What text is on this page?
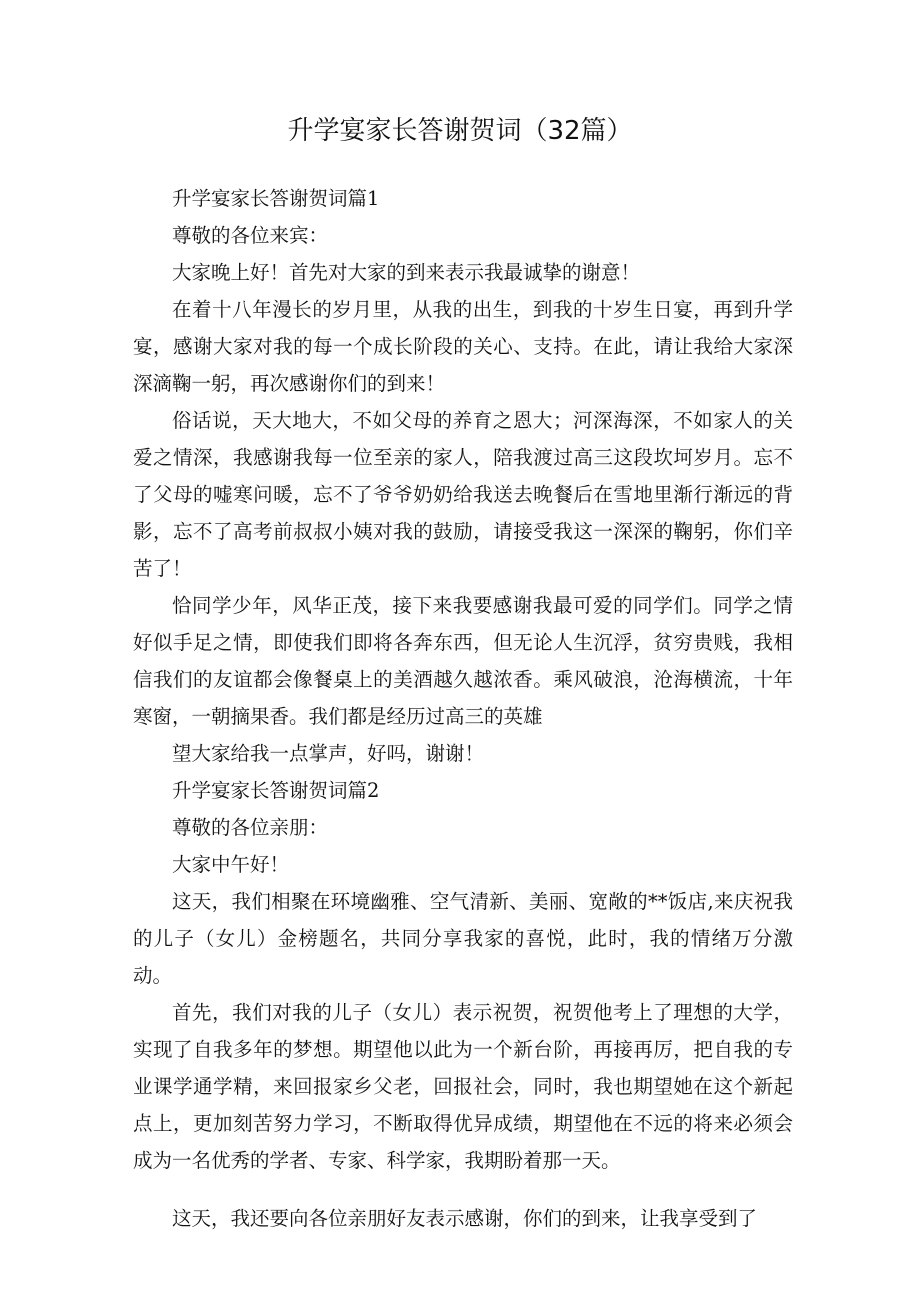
升学宴家长答谢贺词（32篇）

升学宴家长答谢贺词篇1

尊敬的各位来宾：

大家晚上好！首先对大家的到来表示我最诚挚的谢意！

在着十八年漫长的岁月里，从我的出生，到我的十岁生日宴，再到升学宴，感谢大家对我的每一个成长阶段的关心、支持。在此，请让我给大家深深滴鞠一躬，再次感谢你们的到来！

俗话说，天大地大，不如父母的养育之恩大；河深海深，不如家人的关爱之情深，我感谢我每一位至亲的家人，陪我渡过高三这段坎坷岁月。忘不了父母的嘘寒问暖，忘不了爷爷奶奶给我送去晚餐后在雪地里渐行渐远的背影，忘不了高考前叔叔小姨对我的鼓励，请接受我这一深深的鞠躬，你们辛苦了！

恰同学少年，风华正茂，接下来我要感谢我最可爱的同学们。同学之情好似手足之情，即使我们即将各奔东西，但无论人生沉浮，贫穷贵贱，我相信我们的友谊都会像餐桌上的美酒越久越浓香。乘风破浪，沧海横流，十年寒窗，一朝摘果香。我们都是经历过高三的英雄

望大家给我一点掌声，好吗，谢谢！

升学宴家长答谢贺词篇2

尊敬的各位亲朋：

大家中午好！

这天，我们相聚在环境幽雅、空气清新、美丽、宽敞的**饭店,来庆祝我的儿子（女儿）金榜题名，共同分享我家的喜悦，此时，我的情绪万分激动。

首先，我们对我的儿子（女儿）表示祝贺，祝贺他考上了理想的大学，实现了自我多年的梦想。期望他以此为一个新台阶，再接再厉，把自我的专业课学通学精，来回报家乡父老，回报社会，同时，我也期望她在这个新起点上，更加刻苦努力学习，不断取得优异成绩，期望他在不远的将来必须会成为一名优秀的学者、专家、科学家，我期盼着那一天。

这天，我还要向各位亲朋好友表示感谢，你们的到来，让我享受到了
